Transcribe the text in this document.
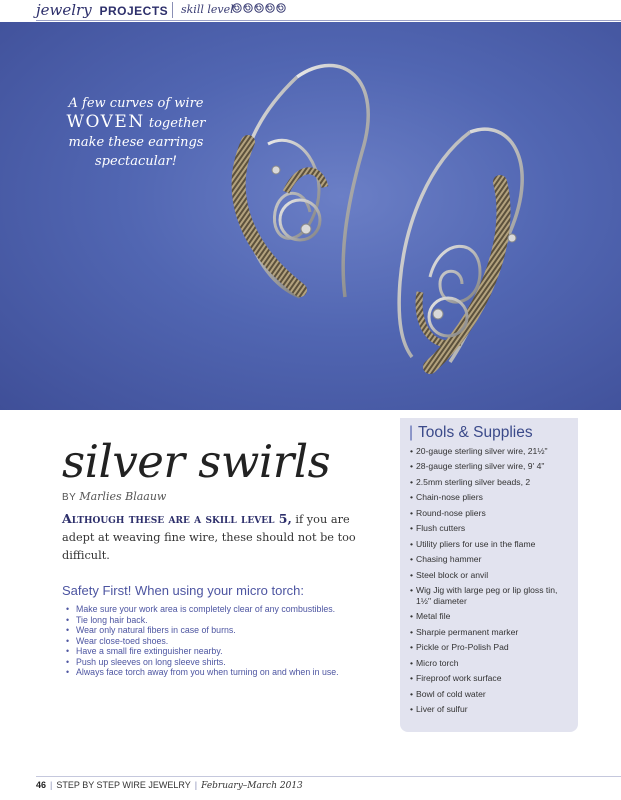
jewelry PROJECTS skill level
A few curves of wire
WOVEN together
make these earrings
spectacular!
silver swirls
BY Marlies Blaauw
Although these are a skill level 5, if you are adept at weaving fine wire, these should not be too difficult.
Safety First! When using your micro torch:
• Make sure your work area is completely clear of any combustibles.
• Tie long hair back.
• Wear only natural fibers in case of burns.
• Wear close-toed shoes.
• Have a small fire extinguisher nearby.
• Push up sleeves on long sleeve shirts.
• Always face torch away from you when turning on and when in use.
• 20-gauge sterling silver wire, 21½"
• 28-gauge sterling silver wire, 9' 4"
• 2.5mm sterling silver beads, 2
• Chain-nose pliers
• Round-nose pliers
• Flush cutters
• Utility pliers for use in the flame
• Chasing hammer
• Steel block or anvil
• Wig Jig with large peg or lip gloss tin, 1½" diameter
• Metal file
• Sharpie permanent marker
• Pickle or Pro-Polish Pad
• Micro torch
• Fireproof work surface
• Bowl of cold water
• Liver of sulfur
| Tools & Supplies
46 | STEP BY STEP WIRE JEWELRY | February–March 2013
